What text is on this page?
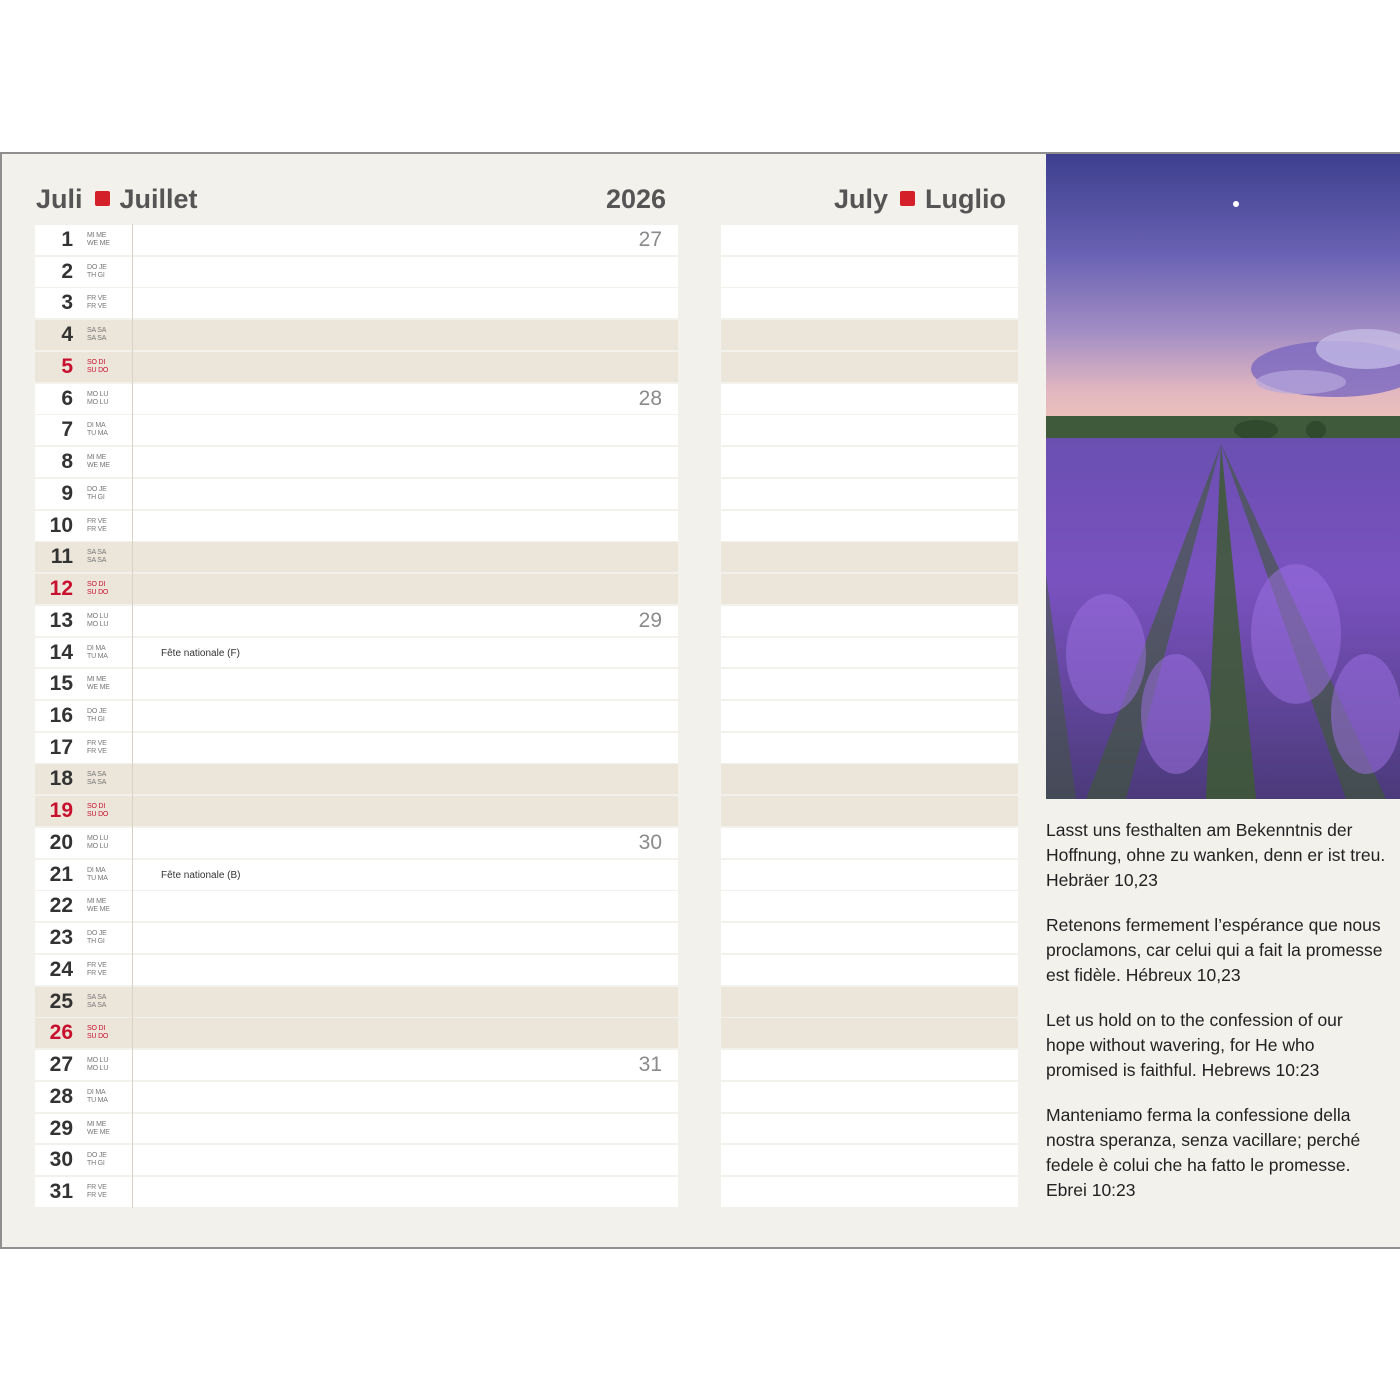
Juli Juillet	2026	July Luglio
1 MI ME
WE ME	27
2 DO JE
TH GI
3 FR VE
FR VE
4 SA SA
SA SA
5 SO DI
SU DO
6 MO LU
MO LU	28
7 DI MA
TU MA
8 MI ME
WE ME
9 DO JE
TH GI
10 FR VE
FR VE
11 SA SA
SA SA
12 SO DI
SU DO
13 MO LU
MO LU	29
14 DI MA
TU MA	Fête nationale (F)
15 MI ME
WE ME
16 DO JE
TH GI
17 FR VE
FR VE
18 SA SA
SA SA
19 SO DI
SU DO
20 MO LU
MO LU	30
21 DI MA
TU MA	Fête nationale (B)
22 MI ME
WE ME
23 DO JE
TH GI
24 FR VE
FR VE
25 SA SA
SA SA
26 SO DI
SU DO
27 MO LU
MO LU	31
28 DI MA
TU MA
29 MI ME
WE ME
30 DO JE
TH GI
31 FR VE
FR VE

Lasst uns festhalten am Bekenntnis der Hoffnung, ohne zu wanken, denn er ist treu. Hebräer 10,23

Retenons fermement l’espérance que nous proclamons, car celui qui a fait la promesse est fidèle. Hébreux 10,23

Let us hold on to the confession of our hope without wavering, for He who promised is faithful. Hebrews 10:23

Manteniamo ferma la confessione della nostra speranza, senza vacillare; perché fedele è colui che ha fatto le promesse. Ebrei 10:23
